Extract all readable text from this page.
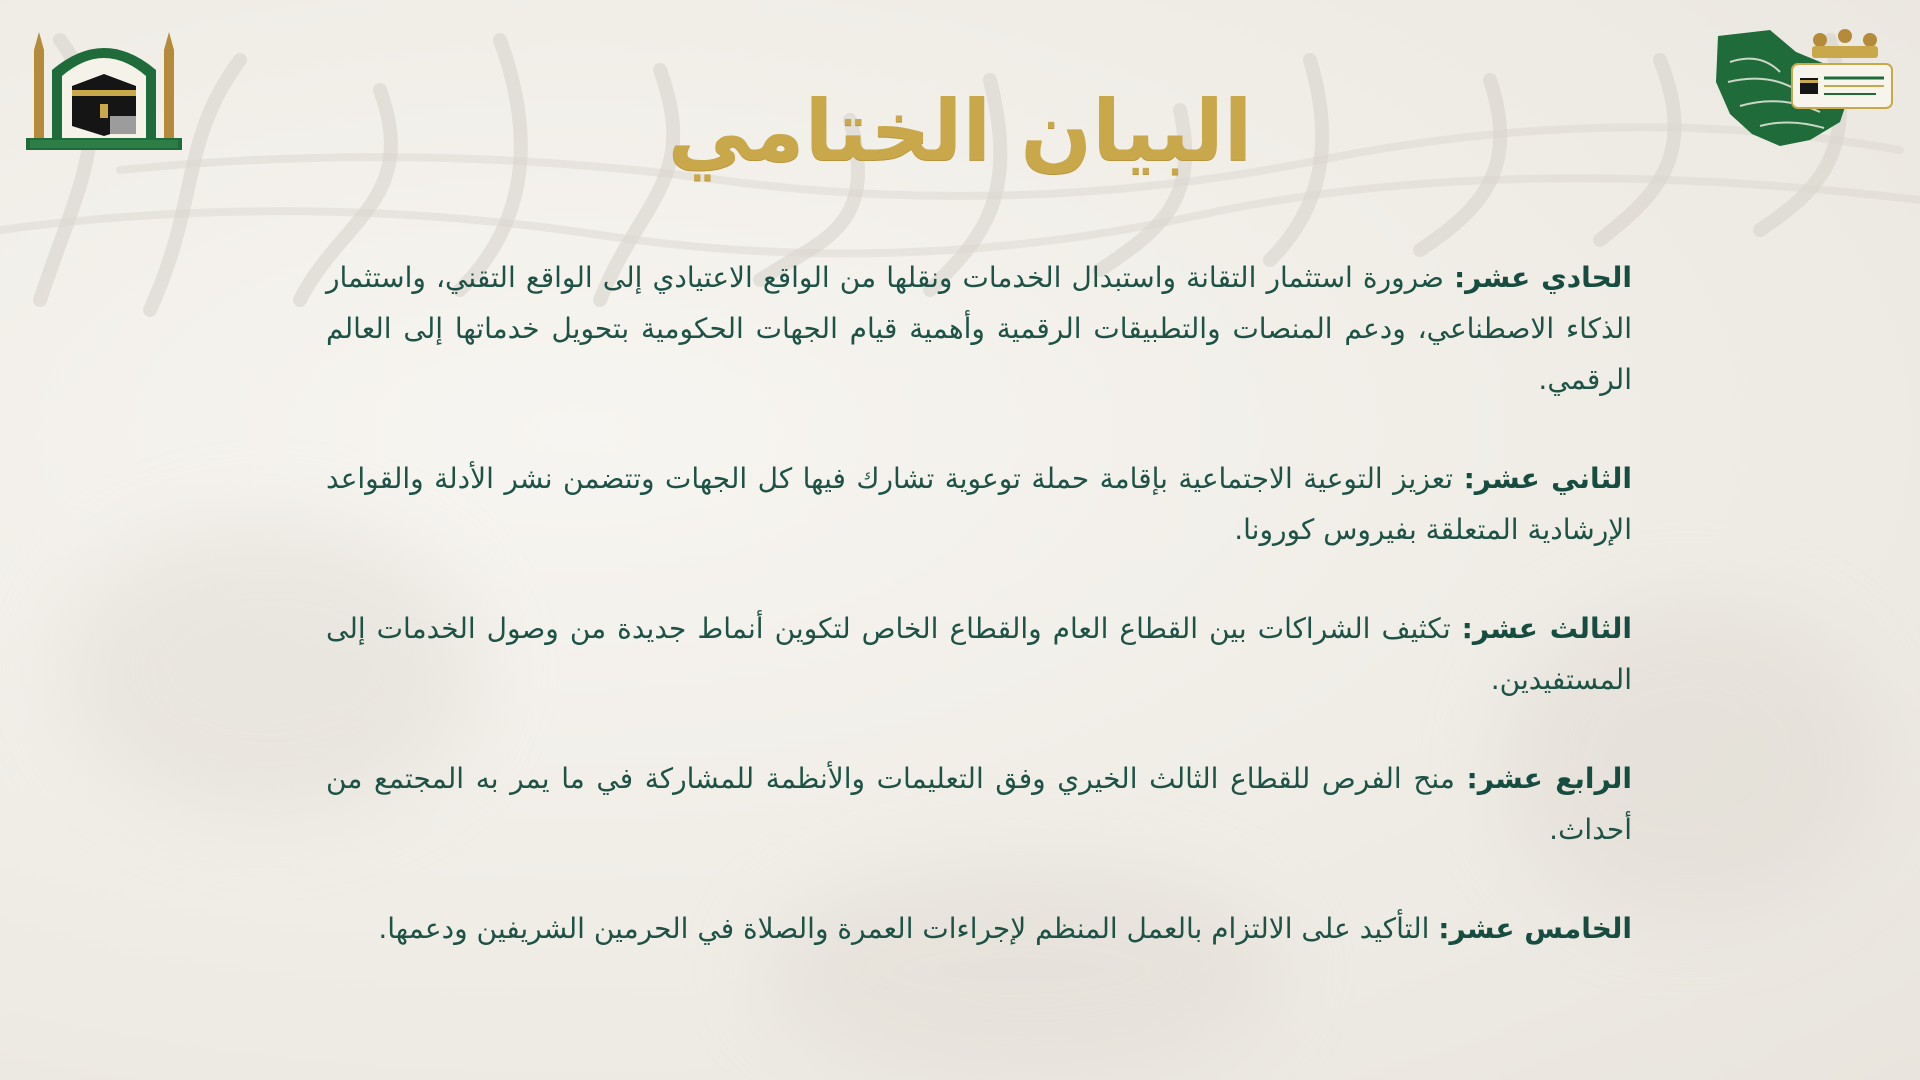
البيان الختامي

الحادي عشر: ضرورة استثمار التقانة واستبدال الخدمات ونقلها من الواقع الاعتيادي إلى الواقع التقني، واستثمار الذكاء الاصطناعي، ودعم المنصات والتطبيقات الرقمية وأهمية قيام الجهات الحكومية بتحويل خدماتها إلى العالم الرقمي.

الثاني عشر: تعزيز التوعية الاجتماعية بإقامة حملة توعوية تشارك فيها كل الجهات وتتضمن نشر الأدلة والقواعد الإرشادية المتعلقة بفيروس كورونا.

الثالث عشر: تكثيف الشراكات بين القطاع العام والقطاع الخاص لتكوين أنماط جديدة من وصول الخدمات إلى المستفيدين.

الرابع عشر: منح الفرص للقطاع الثالث الخيري وفق التعليمات والأنظمة للمشاركة في ما يمر به المجتمع من أحداث.

الخامس عشر: التأكيد على الالتزام بالعمل المنظم لإجراءات العمرة والصلاة في الحرمين الشريفين ودعمها.
